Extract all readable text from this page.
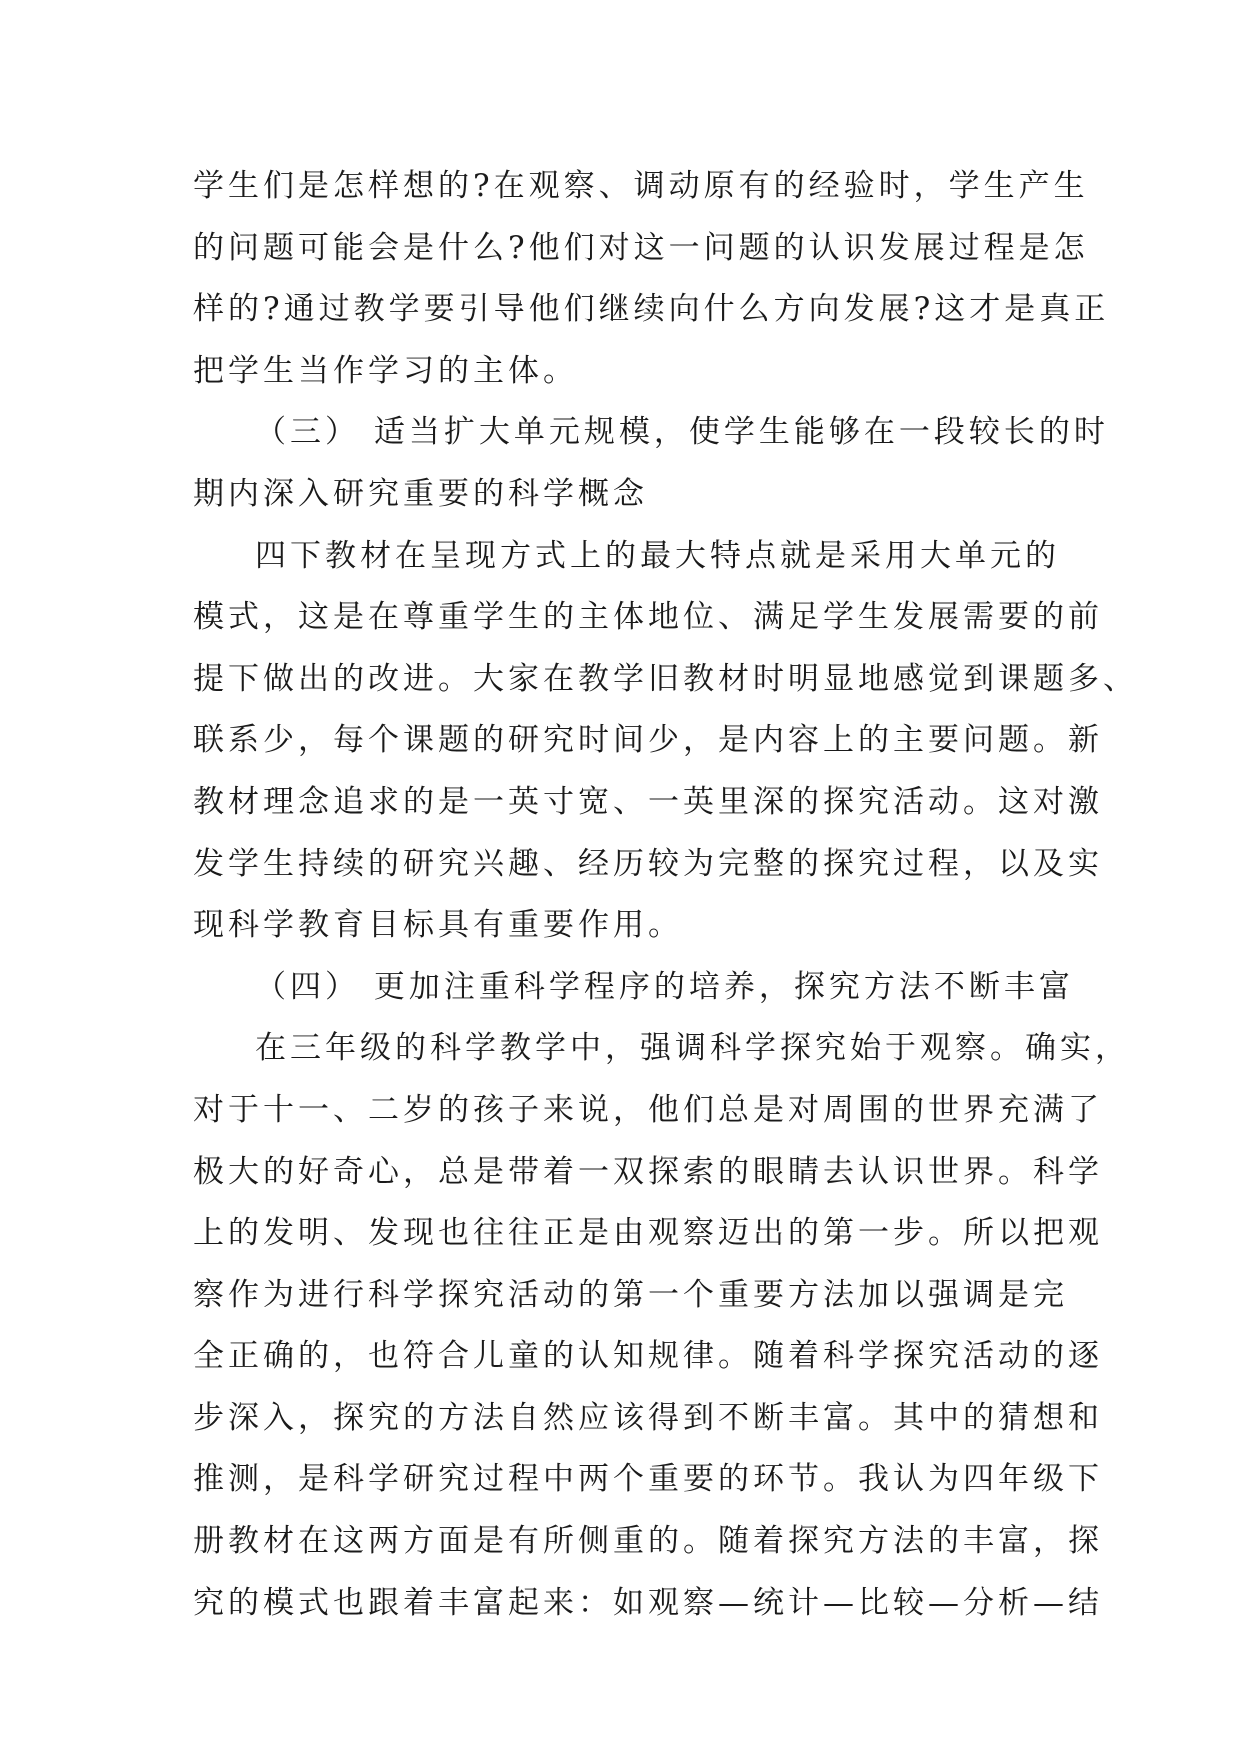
学生们是怎样想的?在观察、调动原有的经验时，学生产生
的问题可能会是什么?他们对这一问题的认识发展过程是怎
样的?通过教学要引导他们继续向什么方向发展?这才是真正
把学生当作学习的主体。
（三） 适当扩大单元规模，使学生能够在一段较长的时
期内深入研究重要的科学概念
四下教材在呈现方式上的最大特点就是采用大单元的
模式，这是在尊重学生的主体地位、满足学生发展需要的前
提下做出的改进。大家在教学旧教材时明显地感觉到课题多、
联系少，每个课题的研究时间少，是内容上的主要问题。新
教材理念追求的是一英寸宽、一英里深的探究活动。这对激
发学生持续的研究兴趣、经历较为完整的探究过程，以及实
现科学教育目标具有重要作用。
（四） 更加注重科学程序的培养，探究方法不断丰富
在三年级的科学教学中，强调科学探究始于观察。确实，
对于十一、二岁的孩子来说，他们总是对周围的世界充满了
极大的好奇心，总是带着一双探索的眼睛去认识世界。科学
上的发明、发现也往往正是由观察迈出的第一步。所以把观
察作为进行科学探究活动的第一个重要方法加以强调是完
全正确的，也符合儿童的认知规律。随着科学探究活动的逐
步深入，探究的方法自然应该得到不断丰富。其中的猜想和
推测，是科学研究过程中两个重要的环节。我认为四年级下
册教材在这两方面是有所侧重的。随着探究方法的丰富，探
究的模式也跟着丰富起来：如观察—统计—比较—分析—结
